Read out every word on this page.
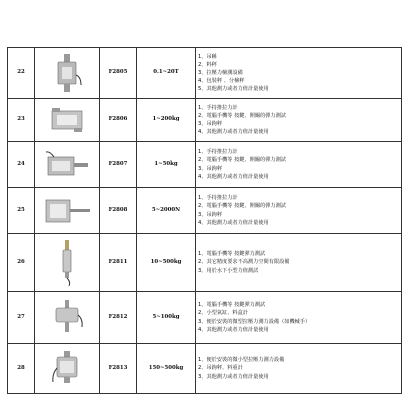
22		F2805	0.1~20T	1、吊稱
2、料秤
3、拉壓力檢測設備
4、包裝秤 、分檢秤
5、其他測力或者力值計量使用

23		F2806	1~200kg	1、手持推拉力計
2、電腦手機等 按鍵、開關的彈力測試
3、吊鉤秤
4、其他測力或者力值計量使用

24		F2807	1~50kg	1、手持推拉力計
2、電腦手機等 按鍵、開關的彈力測試
3、吊鉤秤
4、其他測力或者力值計量使用

25		F2808	5~2000N	1、手持推拉力計
2、電腦手機等 按鍵、開關的彈力測試
3、吊鉤秤
4、其他測力或者力值計量使用

26		F2811	10~500kg	1、電腦手機等 按鍵彈力測試
2、其它精度要求不高測力空間有限設備
3、用於水下小型力值測試

27		F2812	5~100kg	1、電腦手機等 按鍵彈力測試
2、小型氣缸、料盒計
3、便於安裝的微型拉壓力測力設備（如機械手）
4、其他測力或者力值計量使用

28		F2813	150~500kg	1、便於安裝的微小型拉壓力測力設備
2、吊鉤秤、料重計
3、其他測力或者力值計量使用
